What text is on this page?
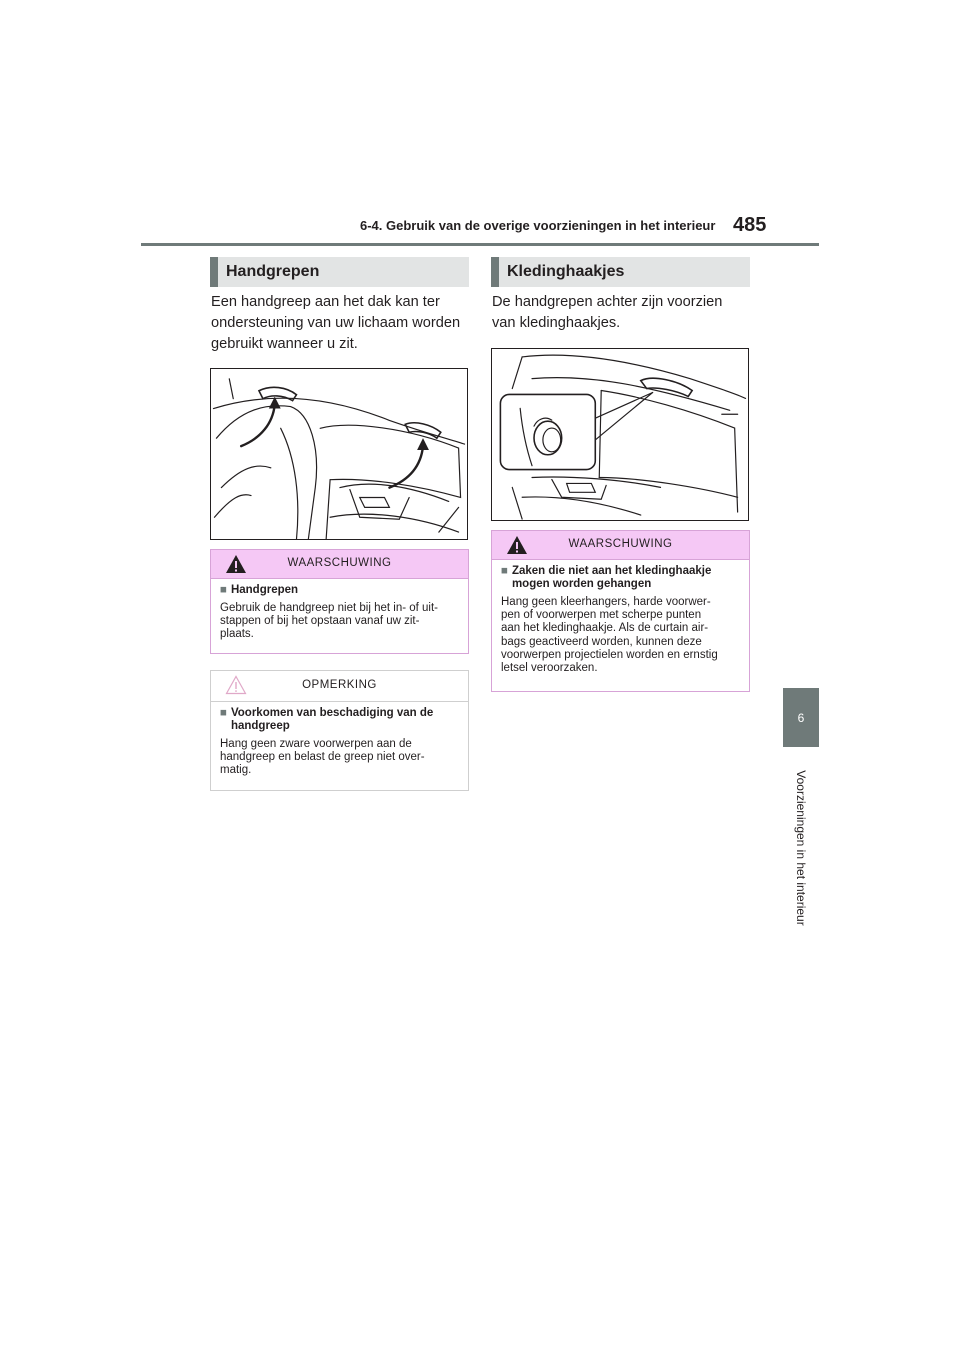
6-4. Gebruik van de overige voorzieningen in het interieur 485
6
Voorzieningen in het interieur
Handgrepen
Een handgreep aan het dak kan ter
ondersteuning van uw lichaam worden
gebruikt wanneer u zit.
WAARSCHUWING
■ Handgrepen
Gebruik de handgreep niet bij het in- of uit-
stappen of bij het opstaan vanaf uw zit-
plaats.
OPMERKING
■ Voorkomen van beschadiging van de handgreep
Hang geen zware voorwerpen aan de
handgreep en belast de greep niet over-
matig.
Kledinghaakjes
De handgrepen achter zijn voorzien
van kledinghaakjes.
WAARSCHUWING
■ Zaken die niet aan het kledinghaakje mogen worden gehangen
Hang geen kleerhangers, harde voorwer-
pen of voorwerpen met scherpe punten
aan het kledinghaakje. Als de curtain air-
bags geactiveerd worden, kunnen deze
voorwerpen projectielen worden en ernstig
letsel veroorzaken.
